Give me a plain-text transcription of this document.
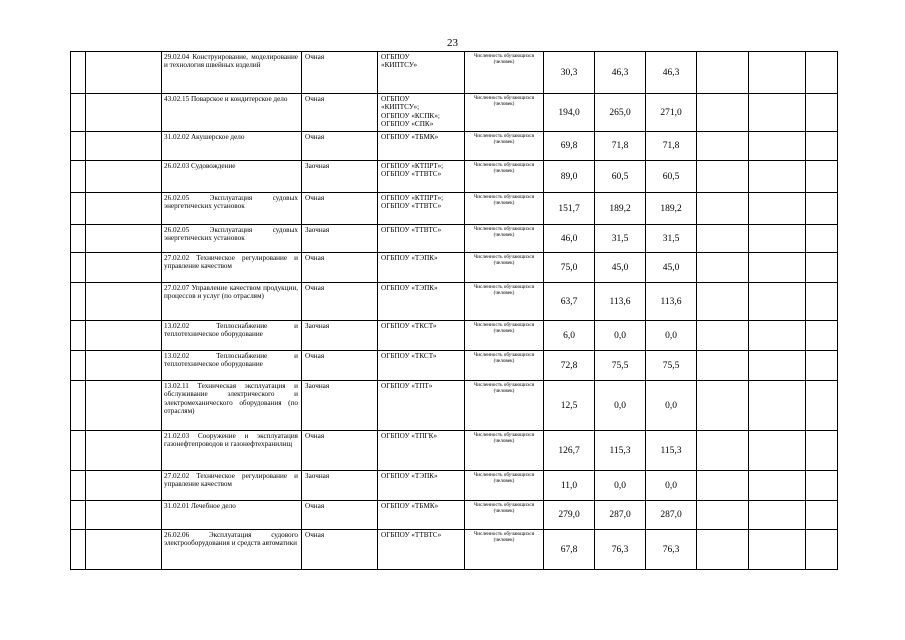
23
		29.02.04 Конструирование, моделирование и технология швейных изделий	Очная	ОГБПОУ
«КИПТСУ»	Численность обучающихся (человек)	30,3	46,3	46,3			
		43.02.15 Поварское и кондитерское дело	Очная	ОГБПОУ
«КИПТСУ»;
ОГБПОУ «КСПК»;
ОГБПОУ «СПК»	Численность обучающихся (человек)	194,0	265,0	271,0			
		31.02.02 Акушерское дело	Очная	ОГБПОУ «ТБМК»	Численность обучающихся (человек)	69,8	71,8	71,8			
		26.02.03 Судовождение	Заочная	ОГБПОУ «КТПРТ»;
ОГБПОУ «ТТВТС»	Численность обучающихся (человек)	89,0	60,5	60,5			
		26.02.05 Эксплуатация судовых энергетических установок	Очная	ОГБПОУ «КТПРТ»;
ОГБПОУ «ТТВТС»	Численность обучающихся (человек)	151,7	189,2	189,2			
		26.02.05 Эксплуатация судовых энергетических установок	Заочная	ОГБПОУ «ТТВТС»	Численность обучающихся (человек)	46,0	31,5	31,5			
		27.02.02 Техническое регулирование и управление качеством	Очная	ОГБПОУ «ТЭПК»	Численность обучающихся (человек)	75,0	45,0	45,0			
		27.02.07 Управление качеством продукции, процессов и услуг (по отраслям)	Очная	ОГБПОУ «ТЭПК»	Численность обучающихся (человек)	63,7	113,6	113,6			
		13.02.02 Теплоснабжение и теплотехническое оборудование	Заочная	ОГБПОУ «ТКСТ»	Численность обучающихся (человек)	6,0	0,0	0,0			
		13.02.02 Теплоснабжение и теплотехническое оборудование	Очная	ОГБПОУ «ТКСТ»	Численность обучающихся (человек)	72,8	75,5	75,5			
		13.02.11 Техническая эксплуатация и обслуживание электрического и электромеханического оборудования (по отраслям)	Заочная	ОГБПОУ «ТПТ»	Численность обучающихся (человек)	12,5	0,0	0,0			
		21.02.03 Сооружение и эксплуатация газонефтепроводов и газонефтехранилищ	Очная	ОГБПОУ «ТПГК»	Численность обучающихся (человек)	126,7	115,3	115,3			
		27.02.02 Техническое регулирование и управление качеством	Заочная	ОГБПОУ «ТЭПК»	Численность обучающихся (человек)	11,0	0,0	0,0			
		31.02.01 Лечебное дело	Очная	ОГБПОУ «ТБМК»	Численность обучающихся (человек)	279,0	287,0	287,0			
		26.02.06 Эксплуатация судового электрооборудования и средств автоматики	Очная	ОГБПОУ «ТТВТС»	Численность обучающихся (человек)	67,8	76,3	76,3			
